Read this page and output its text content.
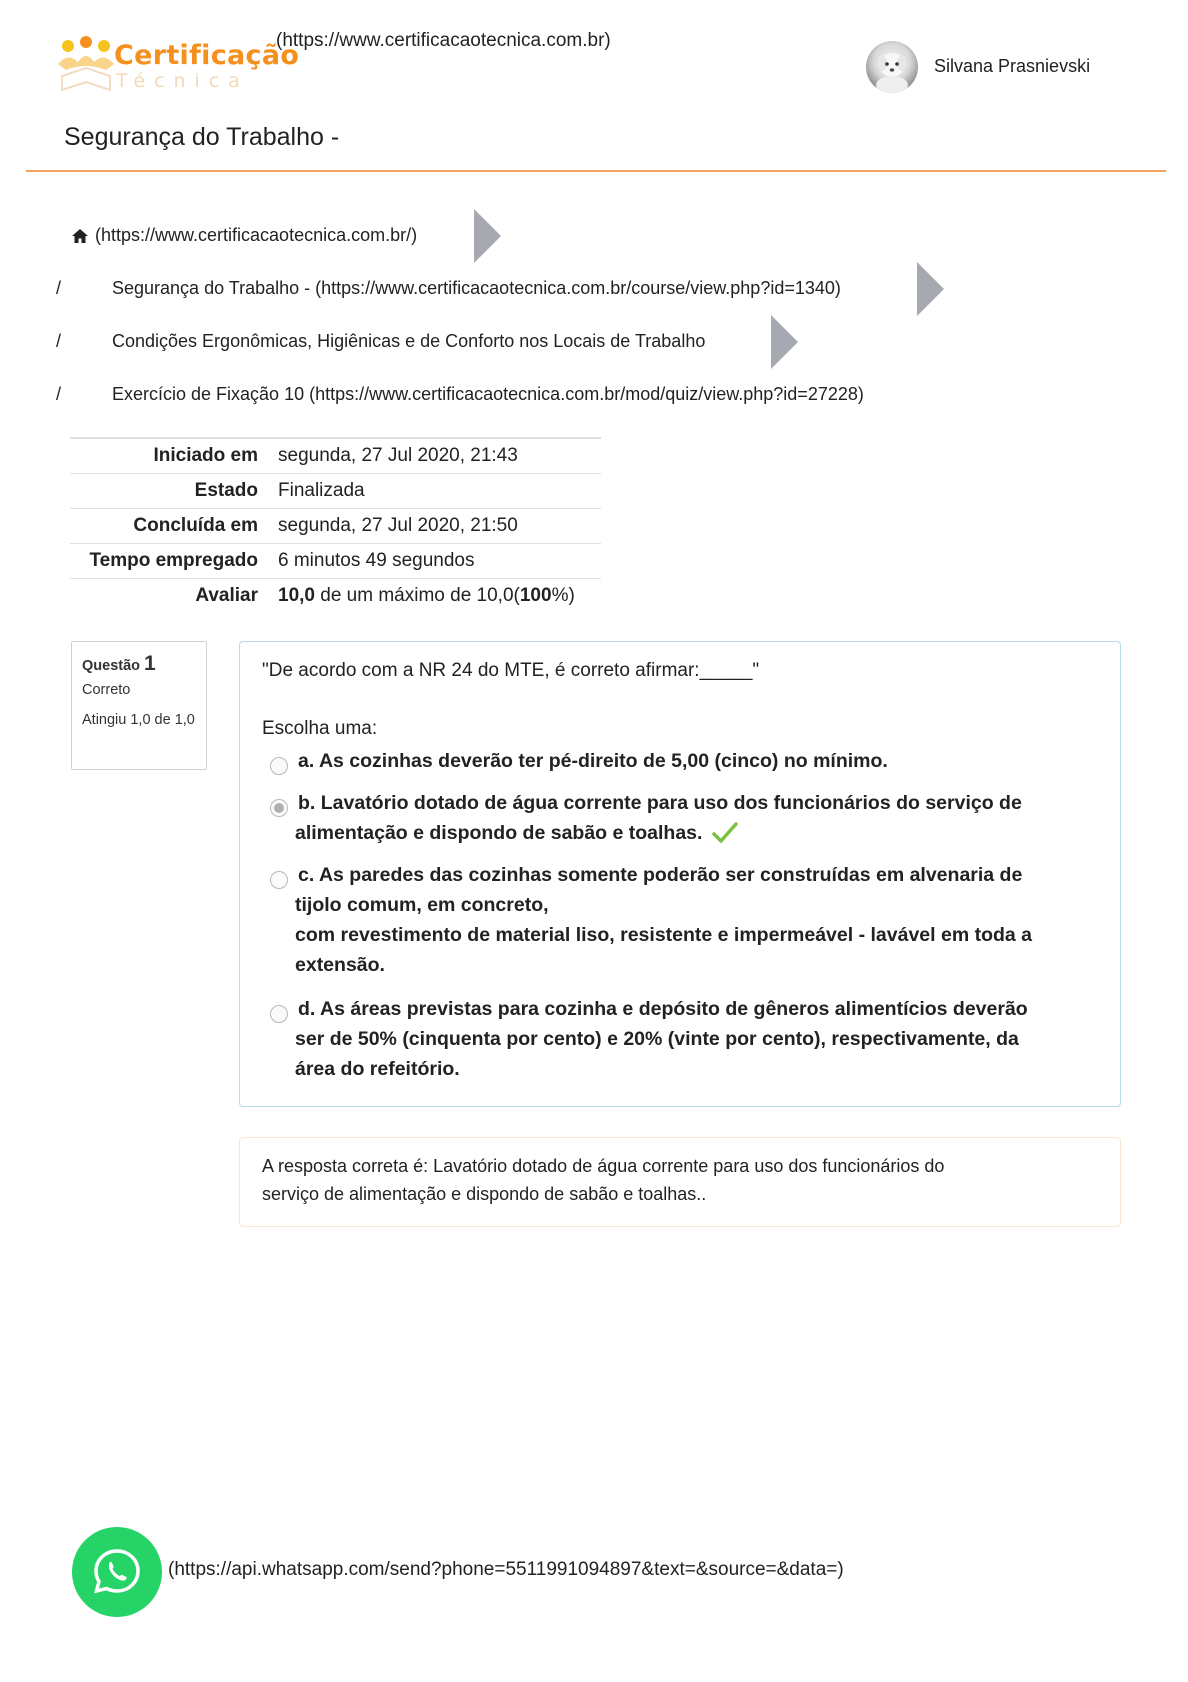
Certificação
Técnica
(https://www.certificacaotecnica.com.br)
Silvana Prasnievski
Segurança do Trabalho -
(https://www.certificacaotecnica.com.br/)
/	Segurança do Trabalho - (https://www.certificacaotecnica.com.br/course/view.php?id=1340)
/	Condições Ergonômicas, Higiênicas e de Conforto nos Locais de Trabalho
/	Exercício de Fixação 10 (https://www.certificacaotecnica.com.br/mod/quiz/view.php?id=27228)
Iniciado em	segunda, 27 Jul 2020, 21:43
Estado	Finalizada
Concluída em	segunda, 27 Jul 2020, 21:50
Tempo empregado	6 minutos 49 segundos
Avaliar	10,0 de um máximo de 10,0(100%)
Questão 1
Correto
Atingiu 1,0 de 1,0
"De acordo com a NR 24 do MTE, é correto afirmar:_____"
Escolha uma:
a. As cozinhas deverão ter pé-direito de 5,00 (cinco) no mínimo.
b. Lavatório dotado de água corrente para uso dos funcionários do serviço de
alimentação e dispondo de sabão e toalhas.
c. As paredes das cozinhas somente poderão ser construídas em alvenaria de
tijolo comum, em concreto,
com revestimento de material liso, resistente e impermeável - lavável em toda a
extensão.
d. As áreas previstas para cozinha e depósito de gêneros alimentícios deverão
ser de 50% (cinquenta por cento) e 20% (vinte por cento), respectivamente, da
área do refeitório.
A resposta correta é: Lavatório dotado de água corrente para uso dos funcionários do
serviço de alimentação e dispondo de sabão e toalhas..
(https://api.whatsapp.com/send?phone=5511991094897&text=&source=&data=)
